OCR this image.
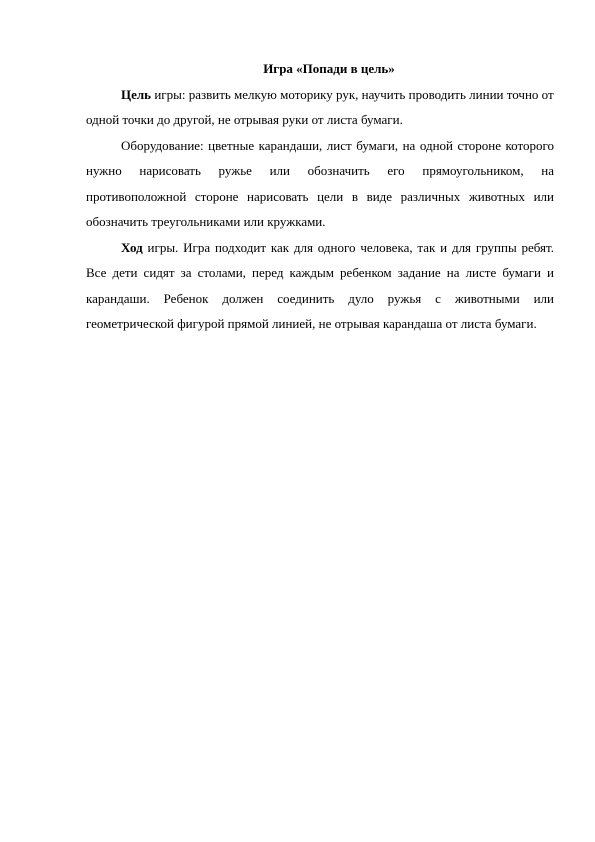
Игра «Попади в цель»

Цель игры: развить мелкую моторику рук, научить проводить линии точно от одной точки до другой, не отрывая руки от листа бумаги.

Оборудование: цветные карандаши, лист бумаги, на одной стороне которого нужно нарисовать ружье или обозначить его прямоугольником, на противоположной стороне нарисовать цели в виде различных животных или обозначить треугольниками или кружками.

Ход игры. Игра подходит как для одного человека, так и для группы ребят. Все дети сидят за столами, перед каждым ребенком задание на листе бумаги и карандаши. Ребенок должен соединить дуло ружья с животными или геометрической фигурой прямой линией, не отрывая карандаша от листа бумаги.
